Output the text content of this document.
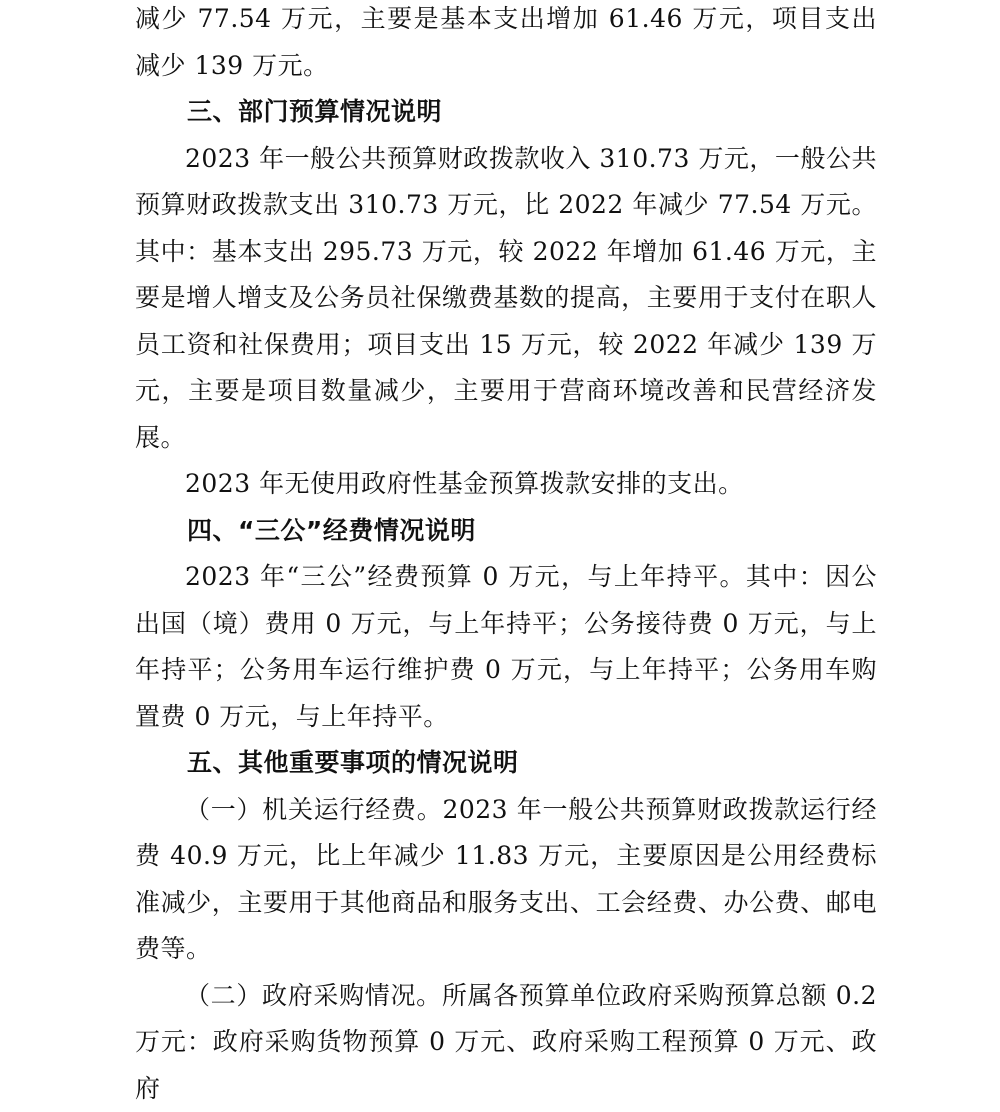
减少 77.54 万元，主要是基本支出增加 61.46 万元，项目支出减少 139 万元。

三、部门预算情况说明

2023 年一般公共预算财政拨款收入 310.73 万元，一般公共预算财政拨款支出 310.73 万元，比 2022 年减少 77.54 万元。其中：基本支出 295.73 万元，较 2022 年增加 61.46 万元，主要是增人增支及公务员社保缴费基数的提高，主要用于支付在职人员工资和社保费用；项目支出 15 万元，较 2022 年减少 139 万元，主要是项目数量减少，主要用于营商环境改善和民营经济发展。

2023 年无使用政府性基金预算拨款安排的支出。

四、“三公”经费情况说明

2023 年“三公”经费预算 0 万元，与上年持平。其中：因公出国（境）费用 0 万元，与上年持平；公务接待费 0 万元，与上年持平；公务用车运行维护费 0 万元，与上年持平；公务用车购置费 0 万元，与上年持平。

五、其他重要事项的情况说明

（一）机关运行经费。2023 年一般公共预算财政拨款运行经费 40.9 万元，比上年减少 11.83 万元，主要原因是公用经费标准减少，主要用于其他商品和服务支出、工会经费、办公费、邮电费等。

（二）政府采购情况。所属各预算单位政府采购预算总额 0.2 万元：政府采购货物预算 0 万元、政府采购工程预算 0 万元、政府
